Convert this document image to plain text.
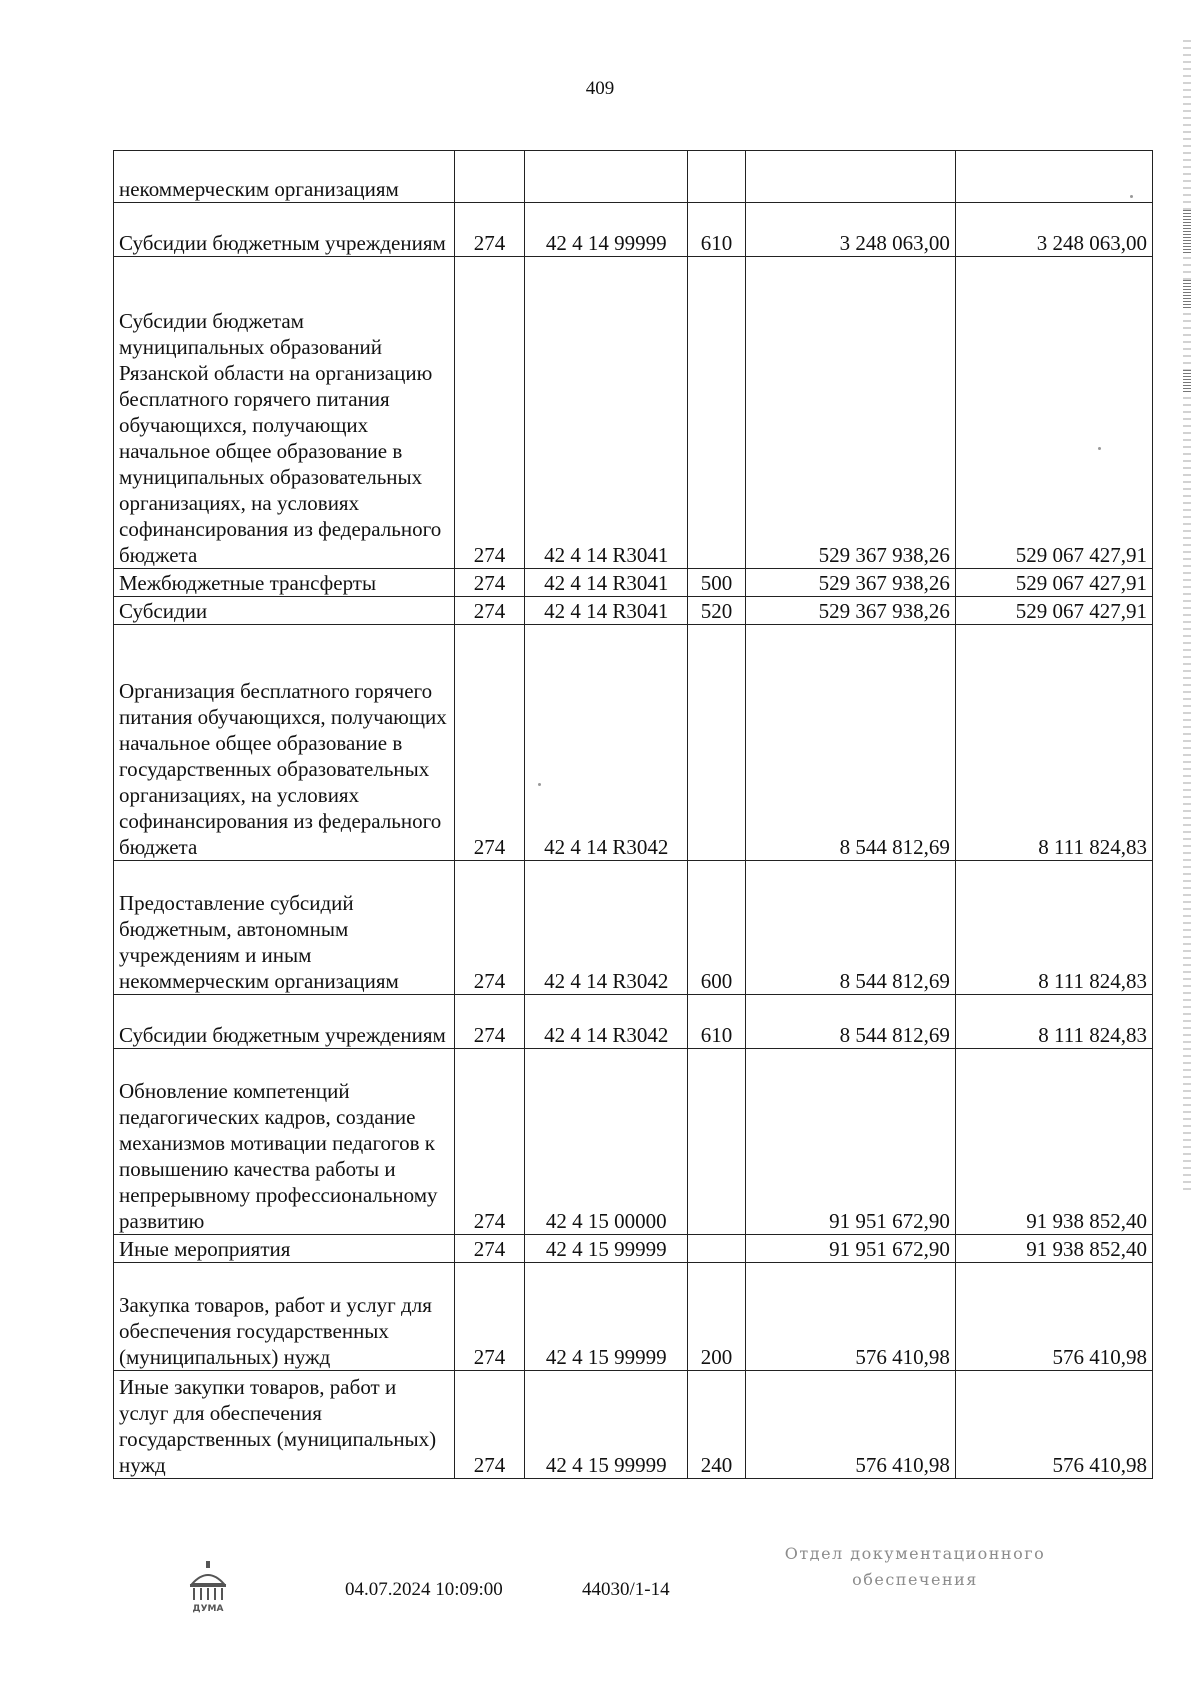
409
некоммерческим организациям					
Субсидии бюджетным учреждениям	274	42 4 14 99999	610	3 248 063,00	3 248 063,00
Субсидии бюджетам муниципальных образований Рязанской области на организацию бесплатного горячего питания обучающихся, получающих начальное общее образование в муниципальных образовательных организациях, на условиях софинансирования из федерального бюджета	274	42 4 14 R3041		529 367 938,26	529 067 427,91
Межбюджетные трансферты	274	42 4 14 R3041	500	529 367 938,26	529 067 427,91
Субсидии	274	42 4 14 R3041	520	529 367 938,26	529 067 427,91
Организация бесплатного горячего питания обучающихся, получающих начальное общее образование в государственных образовательных организациях, на условиях софинансирования из федерального бюджета	274	42 4 14 R3042		8 544 812,69	8 111 824,83
Предоставление субсидий бюджетным, автономным учреждениям и иным некоммерческим организациям	274	42 4 14 R3042	600	8 544 812,69	8 111 824,83
Субсидии бюджетным учреждениям	274	42 4 14 R3042	610	8 544 812,69	8 111 824,83
Обновление компетенций педагогических кадров, создание механизмов мотивации педагогов к повышению качества работы и непрерывному профессиональному развитию	274	42 4 15 00000		91 951 672,90	91 938 852,40
Иные мероприятия	274	42 4 15 99999		91 951 672,90	91 938 852,40
Закупка товаров, работ и услуг для обеспечения государственных (муниципальных) нужд	274	42 4 15 99999	200	576 410,98	576 410,98
Иные закупки товаров, работ и услуг для обеспечения государственных (муниципальных) нужд	274	42 4 15 99999	240	576 410,98	576 410,98
ДУМА
04.07.2024 10:09:00	44030/1-14
Отдел документационного
обеспечения
